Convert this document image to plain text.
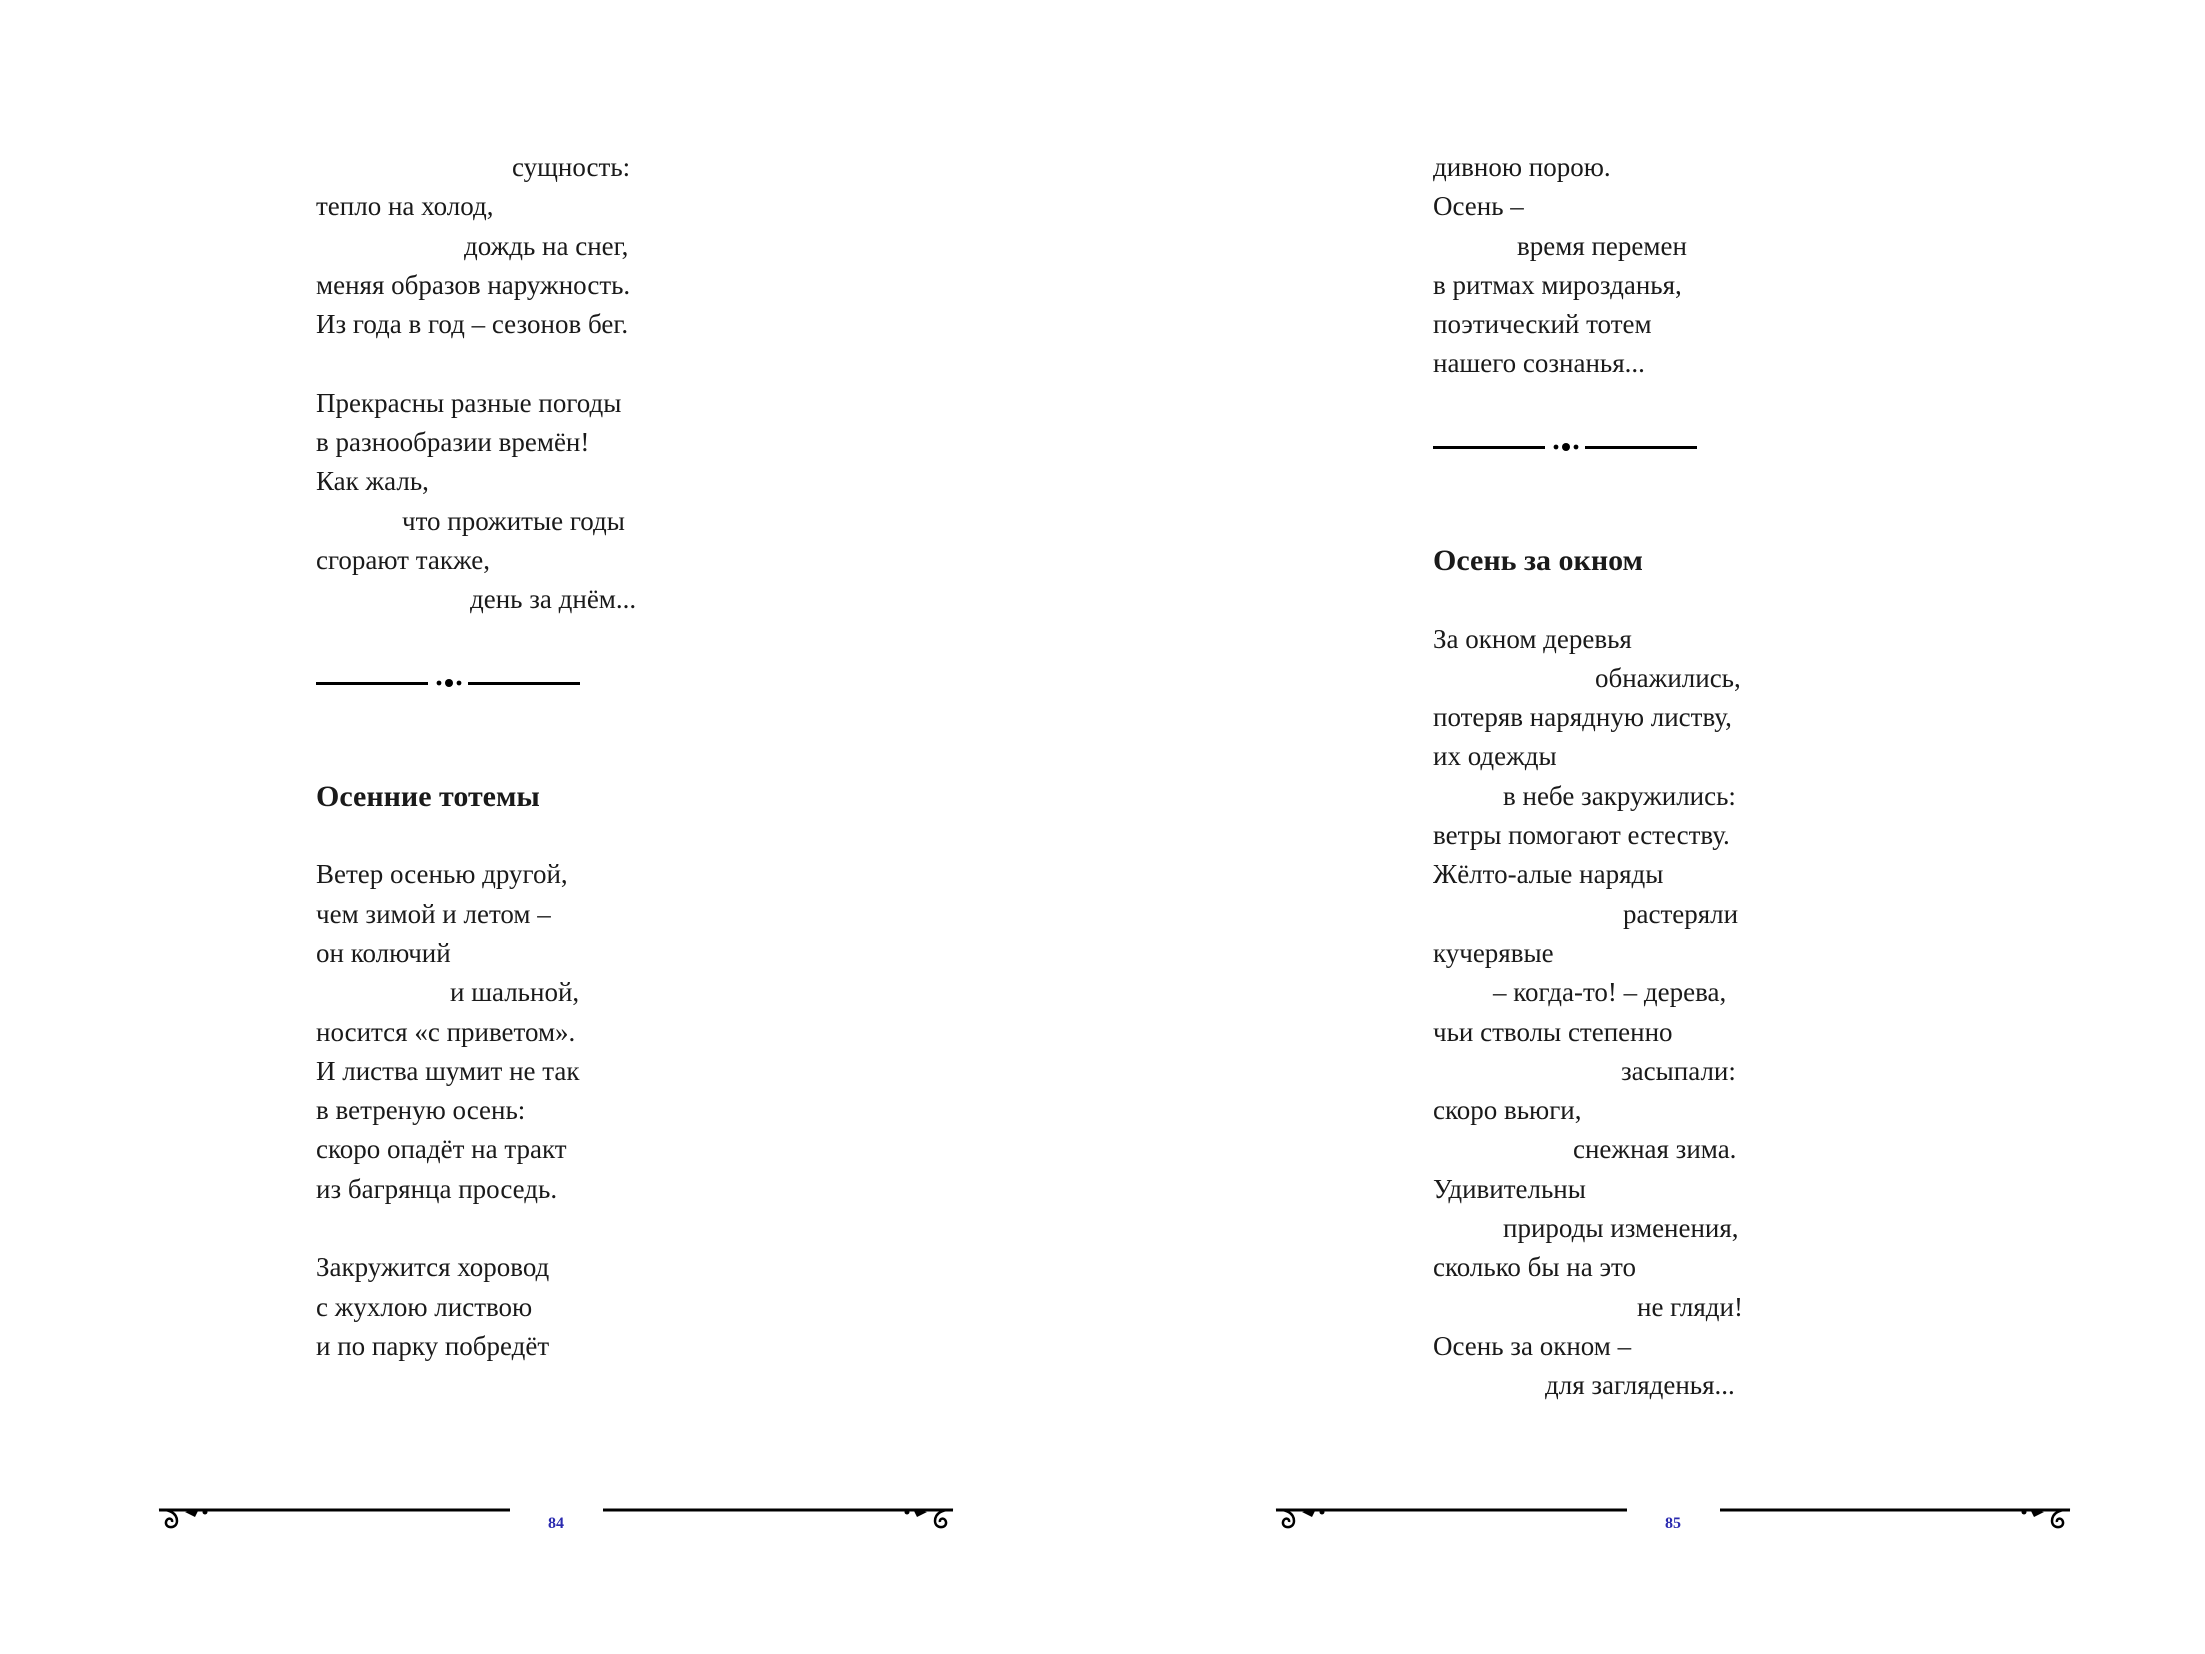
сущность:
тепло на холод,
дождь на снег,
меняя образов наружность.
Из года в год – сезонов бег.
Прекрасны разные погоды
в разнообразии времён!
Как жаль,
что прожитые годы
сгорают также,
день за днём...
Осенние тотемы
Ветер осенью другой,
чем зимой и летом –
он колючий
и шальной,
носится «с приветом».
И листва шумит не так
в ветреную осень:
скоро опадёт на тракт
из багрянца проседь.
Закружится хоровод
с жухлою листвою
и по парку побредёт
84
дивною порою.
Осень –
время перемен
в ритмах мирозданья,
поэтический тотем
нашего сознанья...
Осень за окном
За окном деревья
обнажились,
потеряв нарядную листву,
их одежды
в небе закружились:
ветры помогают естеству.
Жёлто-алые наряды
растеряли
кучерявые
– когда-то! – дерева,
чьи стволы степенно
засыпали:
скоро вьюги,
снежная зима.
Удивительны
природы изменения,
сколько бы на это
не гляди!
Осень за окном –
для загляденья...
85
